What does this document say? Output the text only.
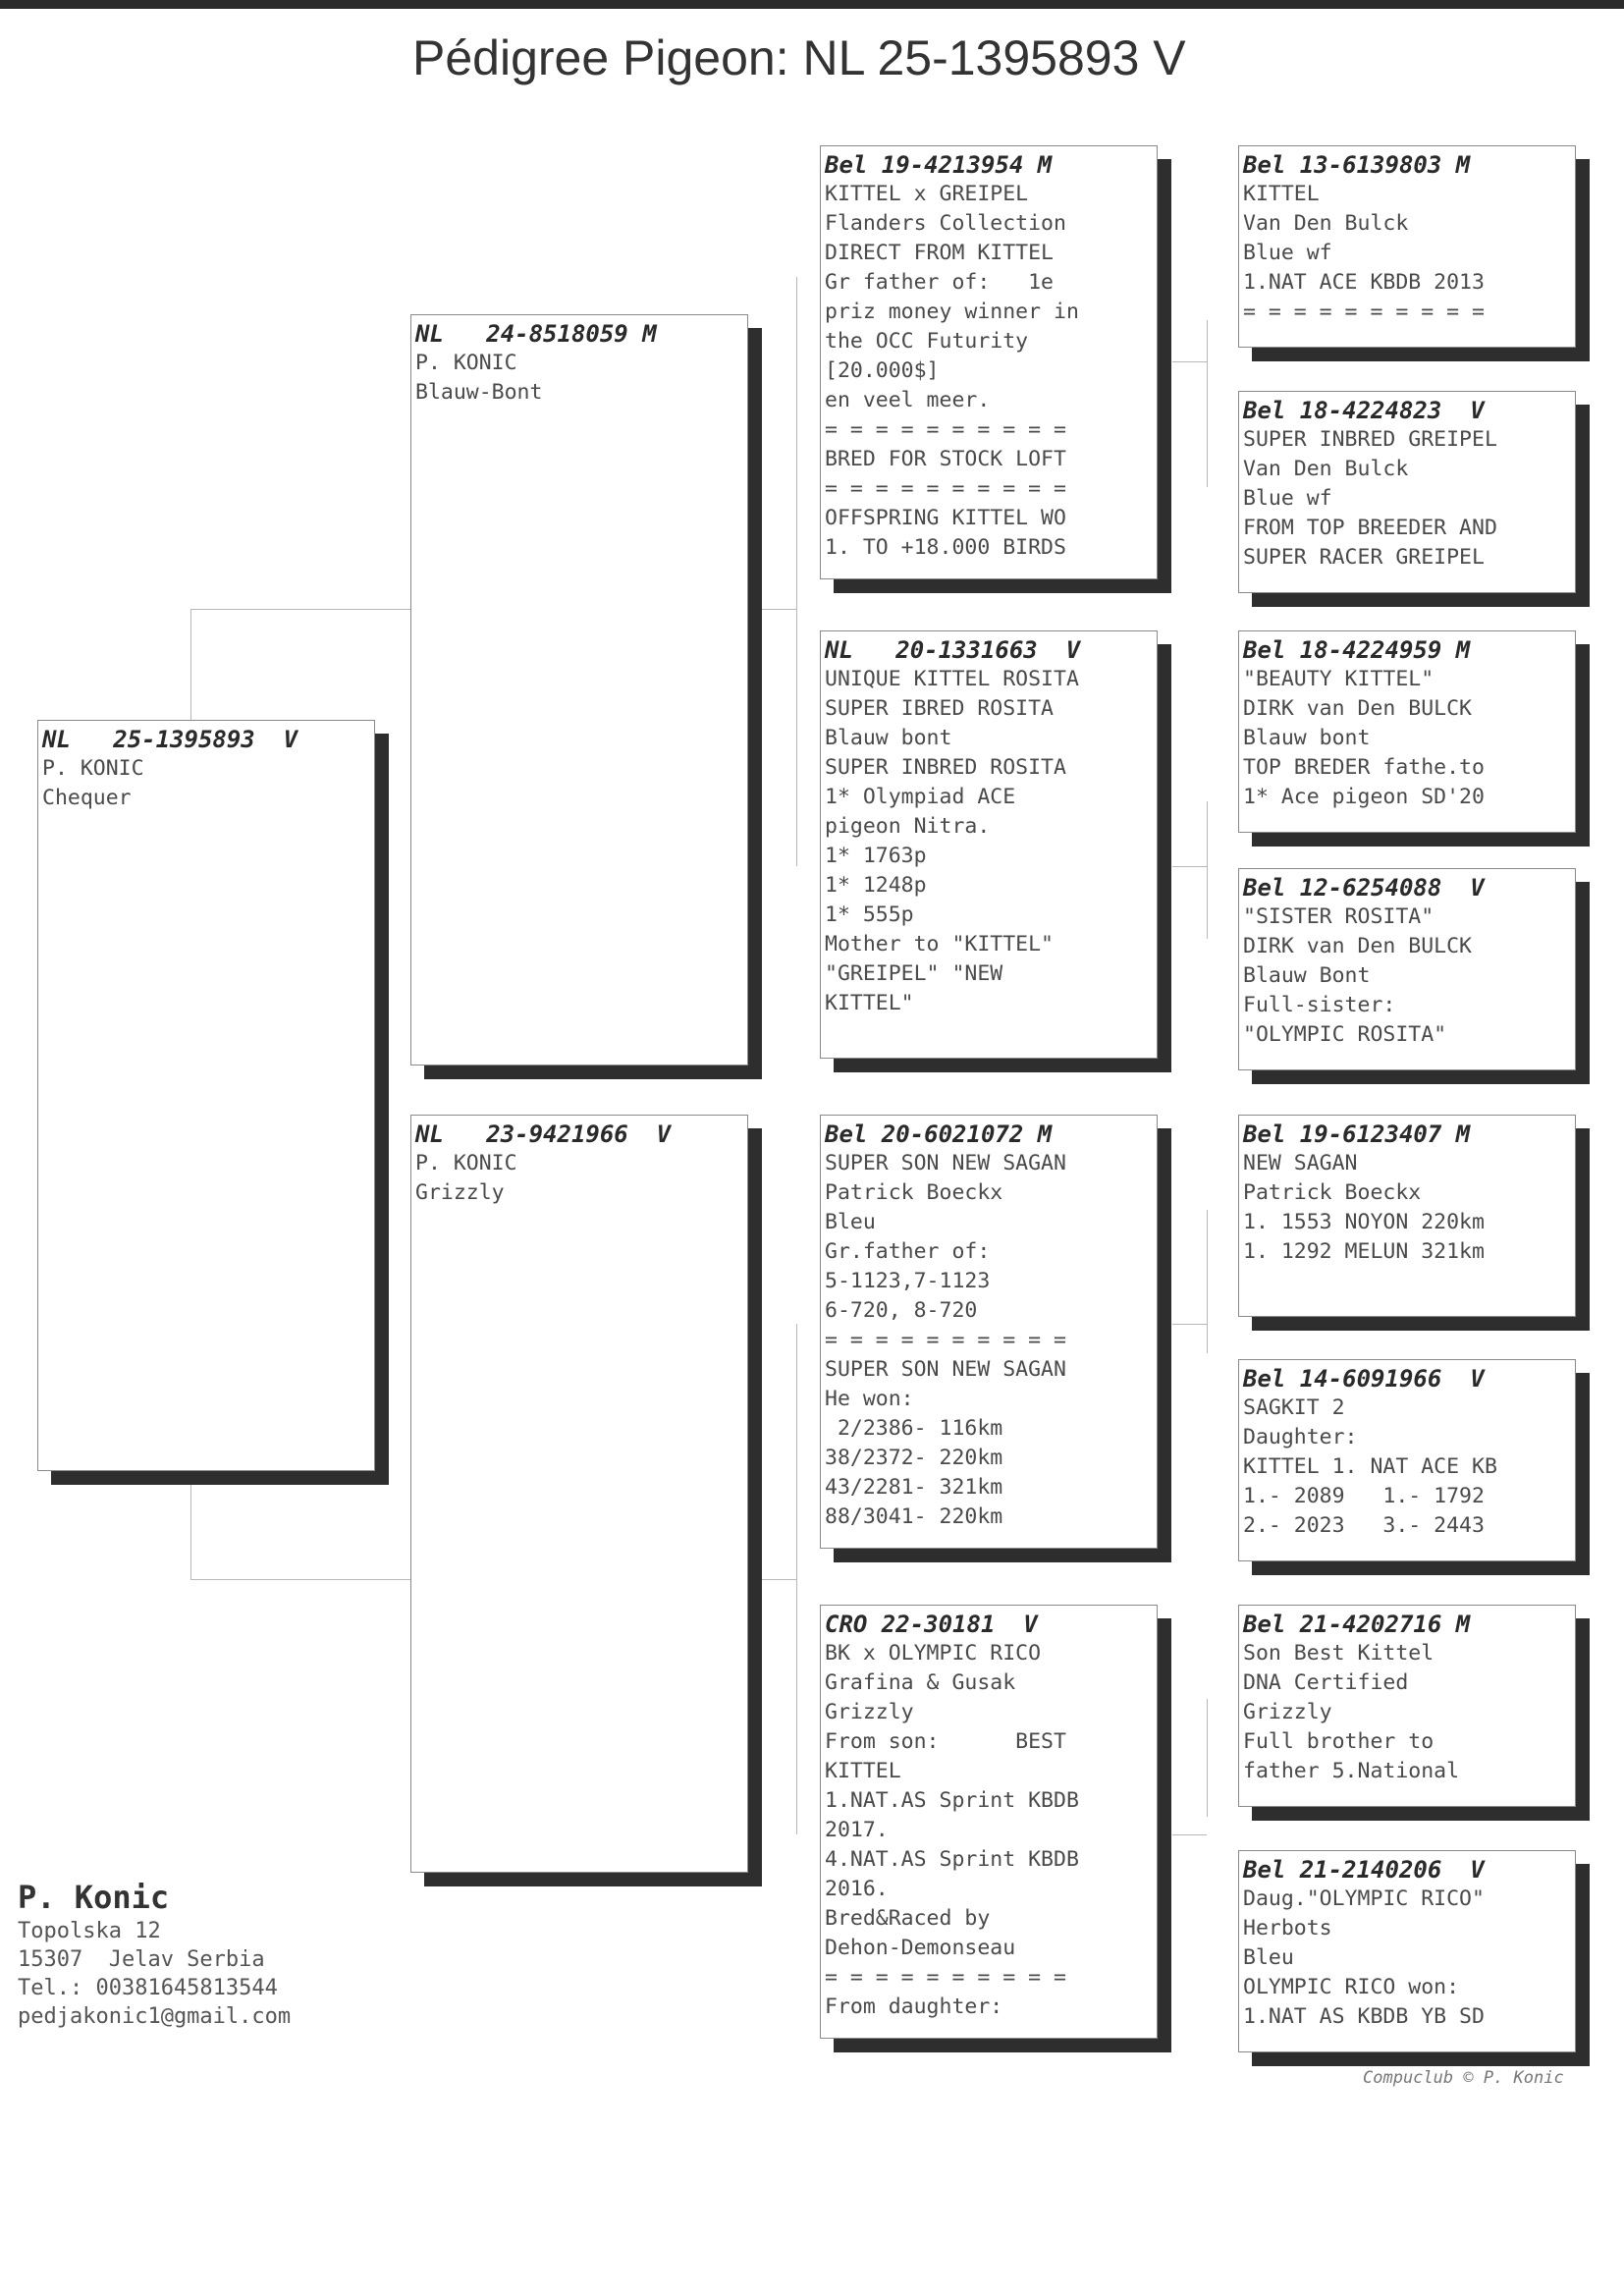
Pédigree Pigeon: NL 25-1395893 V
NL   25-1395893  V
P. KONIC
Chequer
NL   24-8518059 M
P. KONIC
Blauw-Bont
NL   23-9421966  V
P. KONIC
Grizzly
Bel 19-4213954 M
KITTEL x GREIPEL
Flanders Collection
DIRECT FROM KITTEL
Gr father of:   1e
priz money winner in
the OCC Futurity
[20.000$]
en veel meer.
= = = = = = = = = =
BRED FOR STOCK LOFT
= = = = = = = = = =
OFFSPRING KITTEL WO
1. TO +18.000 BIRDS
NL   20-1331663  V
UNIQUE KITTEL ROSITA
SUPER IBRED ROSITA
Blauw bont
SUPER INBRED ROSITA
1* Olympiad ACE
pigeon Nitra.
1* 1763p
1* 1248p
1* 555p
Mother to "KITTEL"
"GREIPEL" "NEW
KITTEL"
Bel 20-6021072 M
SUPER SON NEW SAGAN
Patrick Boeckx
Bleu
Gr.father of:
5-1123,7-1123
6-720, 8-720
= = = = = = = = = =
SUPER SON NEW SAGAN
He won:
2/2386- 116km
38/2372- 220km
43/2281- 321km
88/3041- 220km
CRO 22-30181  V
BK x OLYMPIC RICO
Grafina & Gusak
Grizzly
From son:      BEST
KITTEL
1.NAT.AS Sprint KBDB
2017.
4.NAT.AS Sprint KBDB
2016.
Bred&Raced by
Dehon-Demonseau
= = = = = = = = = =
From daughter:
Bel 13-6139803 M
KITTEL
Van Den Bulck
Blue wf
1.NAT ACE KBDB 2013
= = = = = = = = = =
Bel 18-4224823  V
SUPER INBRED GREIPEL
Van Den Bulck
Blue wf
FROM TOP BREEDER AND
SUPER RACER GREIPEL
Bel 18-4224959 M
"BEAUTY KITTEL"
DIRK van Den BULCK
Blauw bont
TOP BREDER fathe.to
1* Ace pigeon SD'20
Bel 12-6254088  V
"SISTER ROSITA"
DIRK van Den BULCK
Blauw Bont
Full-sister:
"OLYMPIC ROSITA"
Bel 19-6123407 M
NEW SAGAN
Patrick Boeckx
1. 1553 NOYON 220km
1. 1292 MELUN 321km
Bel 14-6091966  V
SAGKIT 2
Daughter:
KITTEL 1. NAT ACE KB
1.- 2089   1.- 1792
2.- 2023   3.- 2443
Bel 21-4202716 M
Son Best Kittel
DNA Certified
Grizzly
Full brother to
father 5.National
Bel 21-2140206  V
Daug."OLYMPIC RICO"
Herbots
Bleu
OLYMPIC RICO won:
1.NAT AS KBDB YB SD
P. Konic
Topolska 12
15307  Jelav Serbia
Tel.: 00381645813544
pedjakonic1@gmail.com
Compuclub © P. Konic
